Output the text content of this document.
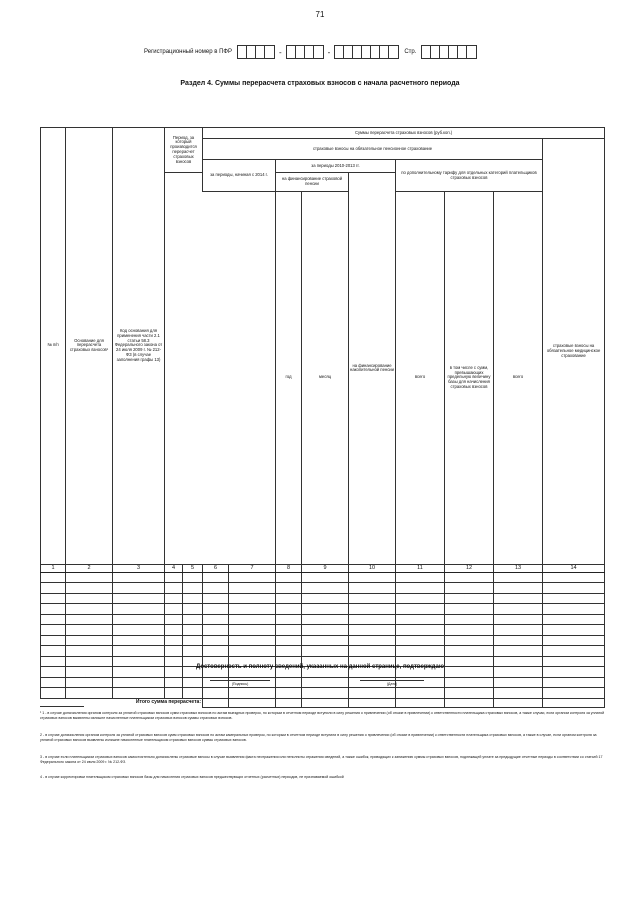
71
Регистрационный номер в ПФР	-	-	Стр.
Раздел 4. Суммы перерасчета страховых взносов с начала расчетного периода
№ п/п	Основание для перерасчета страховых взносов¹	Код основания для применения части 2.1 статьи 58.3 Федерального закона от 24 июля 2009 г. № 212-ФЗ (в случае заполнения графы 13)	Период, за который производится перерасчет страховых взносов		Суммы перерасчета страховых взносов (руб.коп.)									
					страховые взносы на обязательное пенсионное страхование								страховые взносы на обязательное медицинское страхование	
					за периоды, начиная с 2014 г.		за периоды 2010-2013 гг.			по дополнительному тарифу для отдельных категорий плательщиков страховых взносов				
							на финансирование страховой пенсии		на финансирование накопительной пенсии					
							год	месяц		всего	в том числе с сумм, превышающих предельную величину базы для начисления страховых взносов	всего				
1	2	3	4	5	6	7	8	9	10	11	12	13	14	

Итого сумма перерасчета:														
Достоверность и полноту сведений, указанных на данной странице, подтверждаю
(Подпись)	(Дата)
¹ 1 - в случае доначисления органом контроля за уплатой страховых взносов сумм страховых взносов по актам выездных проверок, по которым в отчетном периоде вступили в силу решения о привлечении (об отказе в привлечении) к ответственности плательщика страховых взносов, а также случаи, если органом контроля за уплатой страховых взносов выявлены излишне начисленные плательщиком страховых взносов суммы страховых взносов.
2 - в случае доначисления органом контроля за уплатой страховых взносов сумм страховых взносов по актам камеральных проверок, по которым в отчетном периоде вступили в силу решения о привлечении (об отказе в привлечении) к ответственности плательщика страховых взносов, а также в случае, если органом контроля за уплатой страховых взносов выявлены излишне начисленные плательщиком страховых взносов суммы страховых взносов.
3 - в случае если плательщиком страховых взносов самостоятельно доначислены страховые взносы в случае выявления факта неотражения или неполноты отражения сведений, а также ошибок, приводящих к занижению суммы страховых взносов, подлежащей уплате за предыдущие отчетные периоды в соответствии со статьей 17 Федерального закона от 24 июля 2009 г. № 212-ФЗ.
4 - в случае корректировки плательщиком страховых взносов базы для начисления страховых взносов предшествующих отчетных (расчетных) периодов, не признаваемой ошибкой
